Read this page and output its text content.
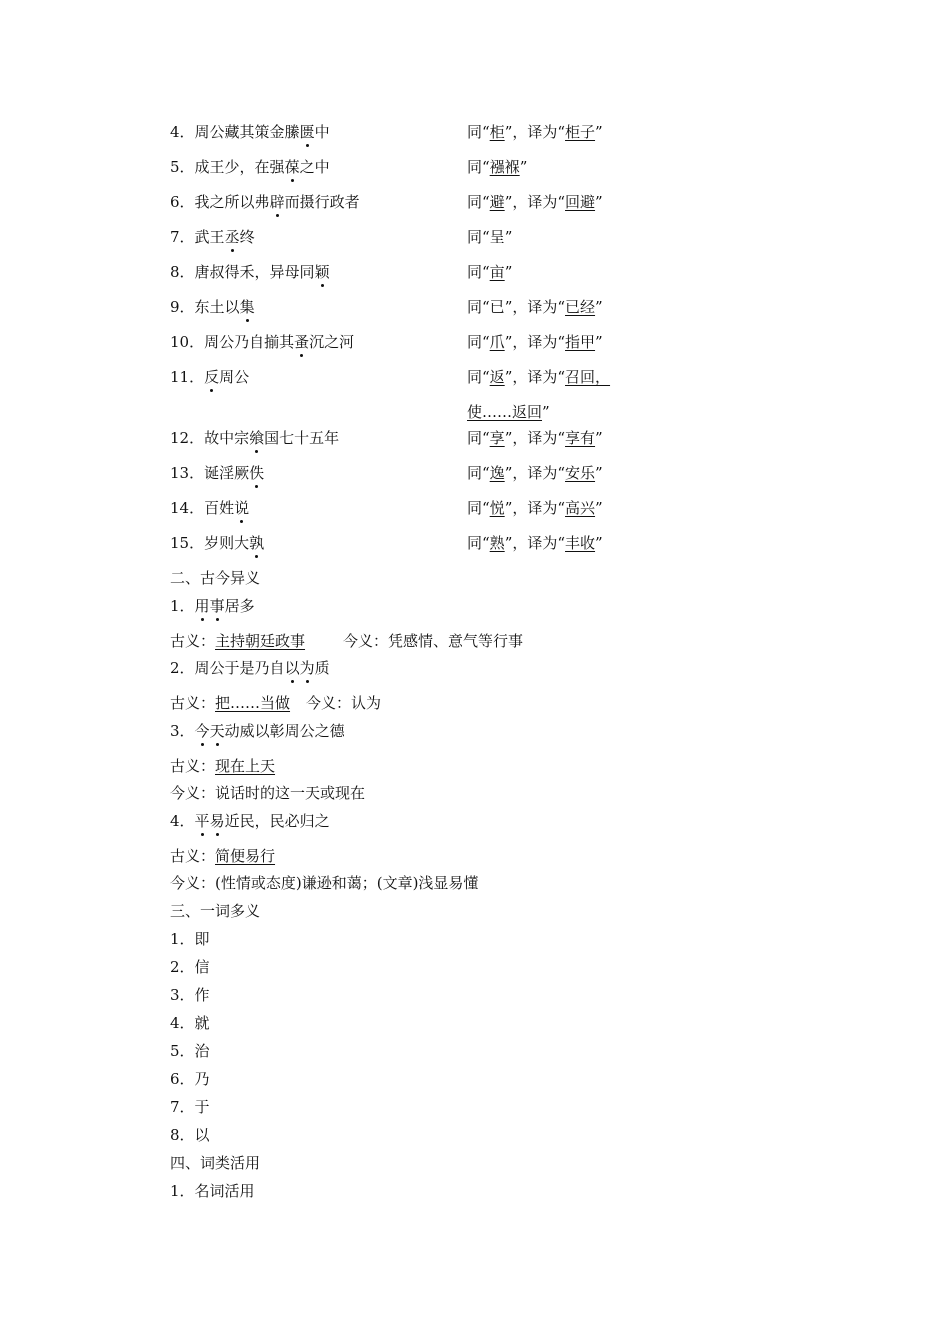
4．周公藏其策金縢匮中	同“柜”，译为“柜子”
5．成王少，在强葆之中	同“襁褓”
6．我之所以弗辟而摄行政者	同“避”，译为“回避”
7．武王丞终	同“呈”
8．唐叔得禾，异母同颖	同“亩”
9．东土以集	同“已”，译为“已经”
10．周公乃自揃其蚤沉之河	同“爪”，译为“指甲”
11．反周公	同“返”，译为“召回，
使……返回”
12．故中宗飨国七十五年	同“享”，译为“享有”
13．诞淫厥佚	同“逸”，译为“安乐”
14．百姓说	同“悦”，译为“高兴”
15．岁则大孰	同“熟”，译为“丰收”
二、古今异义
1．用事居多
古义：主持朝廷政事	今义：凭感情、意气等行事
2．周公于是乃自以为质
古义：把……当做 今义：认为
3．今天动威以彰周公之德
古义：现在上天
今义：说话时的这一天或现在
4．平易近民，民必归之
古义：简便易行
今义：(性情或态度)谦逊和蔼；(文章)浅显易懂
三、一词多义
1．即
2．信
3．作
4．就
5．治
6．乃
7．于
8．以
四、词类活用
1．名词活用
